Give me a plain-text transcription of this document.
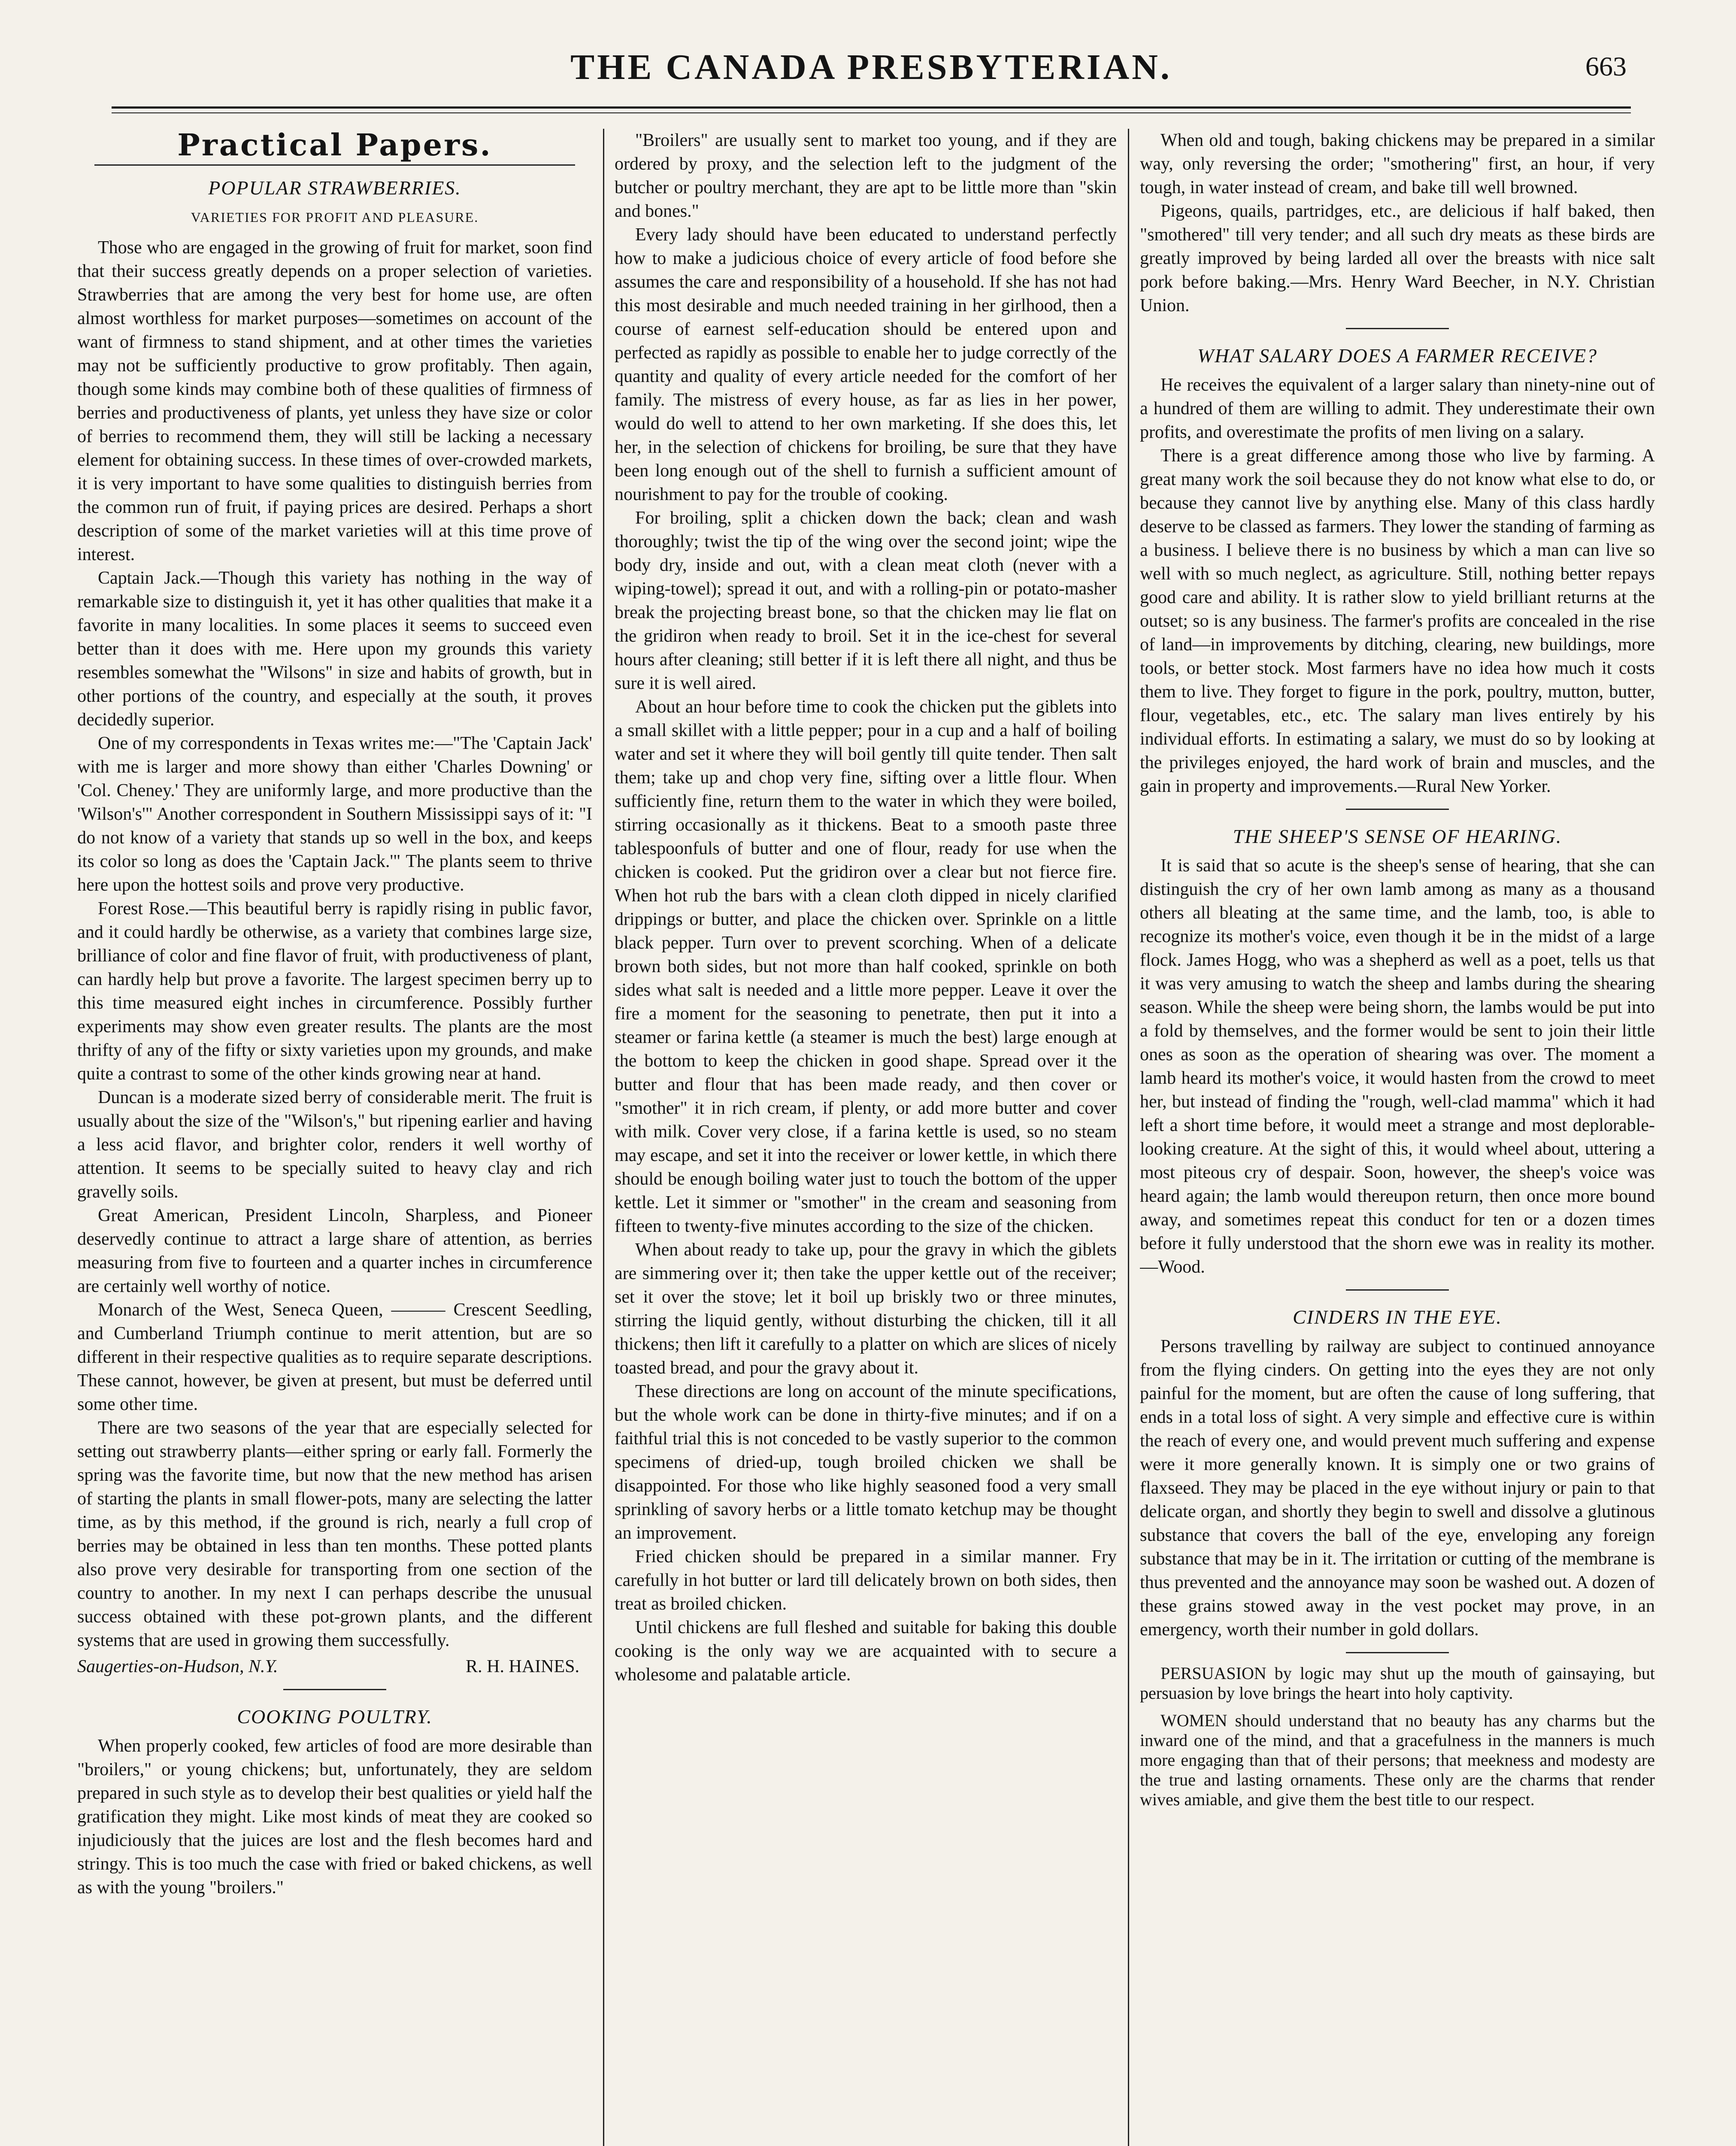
THE CANADA PRESBYTERIAN.	663
Practical Papers.
POPULAR STRAWBERRIES.
VARIETIES FOR PROFIT AND PLEASURE.

Those who are engaged in the growing of fruit for market, soon find that their success greatly depends on a proper selection of varieties. Strawberries that are among the very best for home use, are often almost worthless for market purposes—sometimes on account of the want of firmness to stand shipment, and at other times the varieties may not be sufficiently productive to grow profitably. Then again, though some kinds may combine both of these qualities of firmness of berries and productiveness of plants, yet unless they have size or color of berries to recommend them, they will still be lacking a necessary element for obtaining success. In these times of over-crowded markets, it is very important to have some qualities to distinguish berries from the common run of fruit, if paying prices are desired. Perhaps a short description of some of the market varieties will at this time prove of interest.

Captain Jack.—Though this variety has nothing in the way of remarkable size to distinguish it, yet it has other qualities that make it a favorite in many localities. In some places it seems to succeed even better than it does with me. Here upon my grounds this variety resembles somewhat the "Wilsons" in size and habits of growth, but in other portions of the country, and especially at the south, it proves decidedly superior.

One of my correspondents in Texas writes me:—"The 'Captain Jack' with me is larger and more showy than either 'Charles Downing' or 'Col. Cheney.' They are uniformly large, and more productive than the 'Wilson's'" Another correspondent in Southern Mississippi says of it: "I do not know of a variety that stands up so well in the box, and keeps its color so long as does the 'Captain Jack.'" The plants seem to thrive here upon the hottest soils and prove very productive.

Forest Rose.—This beautiful berry is rapidly rising in public favor, and it could hardly be otherwise, as a variety that combines large size, brilliance of color and fine flavor of fruit, with productiveness of plant, can hardly help but prove a favorite. The largest specimen berry up to this time measured eight inches in circumference. Possibly further experiments may show even greater results. The plants are the most thrifty of any of the fifty or sixty varieties upon my grounds, and make quite a contrast to some of the other kinds growing near at hand.

Duncan is a moderate sized berry of considerable merit. The fruit is usually about the size of the "Wilson's," but ripening earlier and having a less acid flavor, and brighter color, renders it well worthy of attention. It seems to be specially suited to heavy clay and rich gravelly soils.

Great American, President Lincoln, Sharpless, and Pioneer deservedly continue to attract a large share of attention, as berries measuring from five to fourteen and a quarter inches in circumference are certainly well worthy of notice.

Monarch of the West, Seneca Queen, ——— Crescent Seedling, and Cumberland Triumph continue to merit attention, but are so different in their respective qualities as to require separate descriptions. These cannot, however, be given at present, but must be deferred until some other time.

There are two seasons of the year that are especially selected for setting out strawberry plants—either spring or early fall. Formerly the spring was the favorite time, but now that the new method has arisen of starting the plants in small flower-pots, many are selecting the latter time, as by this method, if the ground is rich, nearly a full crop of berries may be obtained in less than ten months. These potted plants also prove very desirable for transporting from one section of the country to another. In my next I can perhaps describe the unusual success obtained with these pot-grown plants, and the different systems that are used in growing them successfully.

Saugerties-on-Hudson, N.Y.	R. H. HAINES.
COOKING POULTRY.

When properly cooked, few articles of food are more desirable than "broilers," or young chickens; but, unfortunately, they are seldom prepared in such style as to develop their best qualities or yield half the gratification they might. Like most kinds of meat they are cooked so injudiciously that the juices are lost and the flesh becomes hard and stringy. This is too much the case with fried or baked chickens, as well as with the young "broilers."

"Broilers" are usually sent to market too young, and if they are ordered by proxy, and the selection left to the judgment of the butcher or poultry merchant, they are apt to be little more than "skin and bones."

Every lady should have been educated to understand perfectly how to make a judicious choice of every article of food before she assumes the care and responsibility of a household. If she has not had this most desirable and much needed training in her girlhood, then a course of earnest self-education should be entered upon and perfected as rapidly as possible to enable her to judge correctly of the quantity and quality of every article needed for the comfort of her family. The mistress of every house, as far as lies in her power, would do well to attend to her own marketing. If she does this, let her, in the selection of chickens for broiling, be sure that they have been long enough out of the shell to furnish a sufficient amount of nourishment to pay for the trouble of cooking.

For broiling, split a chicken down the back; clean and wash thoroughly; twist the tip of the wing over the second joint; wipe the body dry, inside and out, with a clean meat cloth (never with a wiping-towel); spread it out, and with a rolling-pin or potato-masher break the projecting breast bone, so that the chicken may lie flat on the gridiron when ready to broil. Set it in the ice-chest for several hours after cleaning; still better if it is left there all night, and thus be sure it is well aired.

About an hour before time to cook the chicken put the giblets into a small skillet with a little pepper; pour in a cup and a half of boiling water and set it where they will boil gently till quite tender. Then salt them; take up and chop very fine, sifting over a little flour. When sufficiently fine, return them to the water in which they were boiled, stirring occasionally as it thickens. Beat to a smooth paste three tablespoonfuls of butter and one of flour, ready for use when the chicken is cooked. Put the gridiron over a clear but not fierce fire. When hot rub the bars with a clean cloth dipped in nicely clarified drippings or butter, and place the chicken over. Sprinkle on a little black pepper. Turn over to prevent scorching. When of a delicate brown both sides, but not more than half cooked, sprinkle on both sides what salt is needed and a little more pepper. Leave it over the fire a moment for the seasoning to penetrate, then put it into a steamer or farina kettle (a steamer is much the best) large enough at the bottom to keep the chicken in good shape. Spread over it the butter and flour that has been made ready, and then cover or "smother" it in rich cream, if plenty, or add more butter and cover with milk. Cover very close, if a farina kettle is used, so no steam may escape, and set it into the receiver or lower kettle, in which there should be enough boiling water just to touch the bottom of the upper kettle. Let it simmer or "smother" in the cream and seasoning from fifteen to twenty-five minutes according to the size of the chicken.

When about ready to take up, pour the gravy in which the giblets are simmering over it; then take the upper kettle out of the receiver; set it over the stove; let it boil up briskly two or three minutes, stirring the liquid gently, without disturbing the chicken, till it all thickens; then lift it carefully to a platter on which are slices of nicely toasted bread, and pour the gravy about it.

These directions are long on account of the minute specifications, but the whole work can be done in thirty-five minutes; and if on a faithful trial this is not conceded to be vastly superior to the common specimens of dried-up, tough broiled chicken we shall be disappointed. For those who like highly seasoned food a very small sprinkling of savory herbs or a little tomato ketchup may be thought an improvement.

Fried chicken should be prepared in a similar manner. Fry carefully in hot butter or lard till delicately brown on both sides, then treat as broiled chicken.

Until chickens are full fleshed and suitable for baking this double cooking is the only way we are acquainted with to secure a wholesome and palatable article.

When old and tough, baking chickens may be prepared in a similar way, only reversing the order; "smothering" first, an hour, if very tough, in water instead of cream, and bake till well browned.

Pigeons, quails, partridges, etc., are delicious if half baked, then "smothered" till very tender; and all such dry meats as these birds are greatly improved by being larded all over the breasts with nice salt pork before baking.—Mrs. Henry Ward Beecher, in N.Y. Christian Union.

WHAT SALARY DOES A FARMER RECEIVE?

He receives the equivalent of a larger salary than ninety-nine out of a hundred of them are willing to admit. They underestimate their own profits, and overestimate the profits of men living on a salary.

There is a great difference among those who live by farming. A great many work the soil because they do not know what else to do, or because they cannot live by anything else. Many of this class hardly deserve to be classed as farmers. They lower the standing of farming as a business. I believe there is no business by which a man can live so well with so much neglect, as agriculture. Still, nothing better repays good care and ability. It is rather slow to yield brilliant returns at the outset; so is any business. The farmer's profits are concealed in the rise of land—in improvements by ditching, clearing, new buildings, more tools, or better stock. Most farmers have no idea how much it costs them to live. They forget to figure in the pork, poultry, mutton, butter, flour, vegetables, etc., etc. The salary man lives entirely by his individual efforts. In estimating a salary, we must do so by looking at the privileges enjoyed, the hard work of brain and muscles, and the gain in property and improvements.—Rural New Yorker.

THE SHEEP'S SENSE OF HEARING.

It is said that so acute is the sheep's sense of hearing, that she can distinguish the cry of her own lamb among as many as a thousand others all bleating at the same time, and the lamb, too, is able to recognize its mother's voice, even though it be in the midst of a large flock. James Hogg, who was a shepherd as well as a poet, tells us that it was very amusing to watch the sheep and lambs during the shearing season. While the sheep were being shorn, the lambs would be put into a fold by themselves, and the former would be sent to join their little ones as soon as the operation of shearing was over. The moment a lamb heard its mother's voice, it would hasten from the crowd to meet her, but instead of finding the "rough, well-clad mamma" which it had left a short time before, it would meet a strange and most deplorable-looking creature. At the sight of this, it would wheel about, uttering a most piteous cry of despair. Soon, however, the sheep's voice was heard again; the lamb would thereupon return, then once more bound away, and sometimes repeat this conduct for ten or a dozen times before it fully understood that the shorn ewe was in reality its mother.—Wood.

CINDERS IN THE EYE.

Persons travelling by railway are subject to continued annoyance from the flying cinders. On getting into the eyes they are not only painful for the moment, but are often the cause of long suffering, that ends in a total loss of sight. A very simple and effective cure is within the reach of every one, and would prevent much suffering and expense were it more generally known. It is simply one or two grains of flaxseed. They may be placed in the eye without injury or pain to that delicate organ, and shortly they begin to swell and dissolve a glutinous substance that covers the ball of the eye, enveloping any foreign substance that may be in it. The irritation or cutting of the membrane is thus prevented and the annoyance may soon be washed out. A dozen of these grains stowed away in the vest pocket may prove, in an emergency, worth their number in gold dollars.

PERSUASION by logic may shut up the mouth of gainsaying, but persuasion by love brings the heart into holy captivity.

WOMEN should understand that no beauty has any charms but the inward one of the mind, and that a gracefulness in the manners is much more engaging than that of their persons; that meekness and modesty are the true and lasting ornaments. These only are the charms that render wives amiable, and give them the best title to our respect.
